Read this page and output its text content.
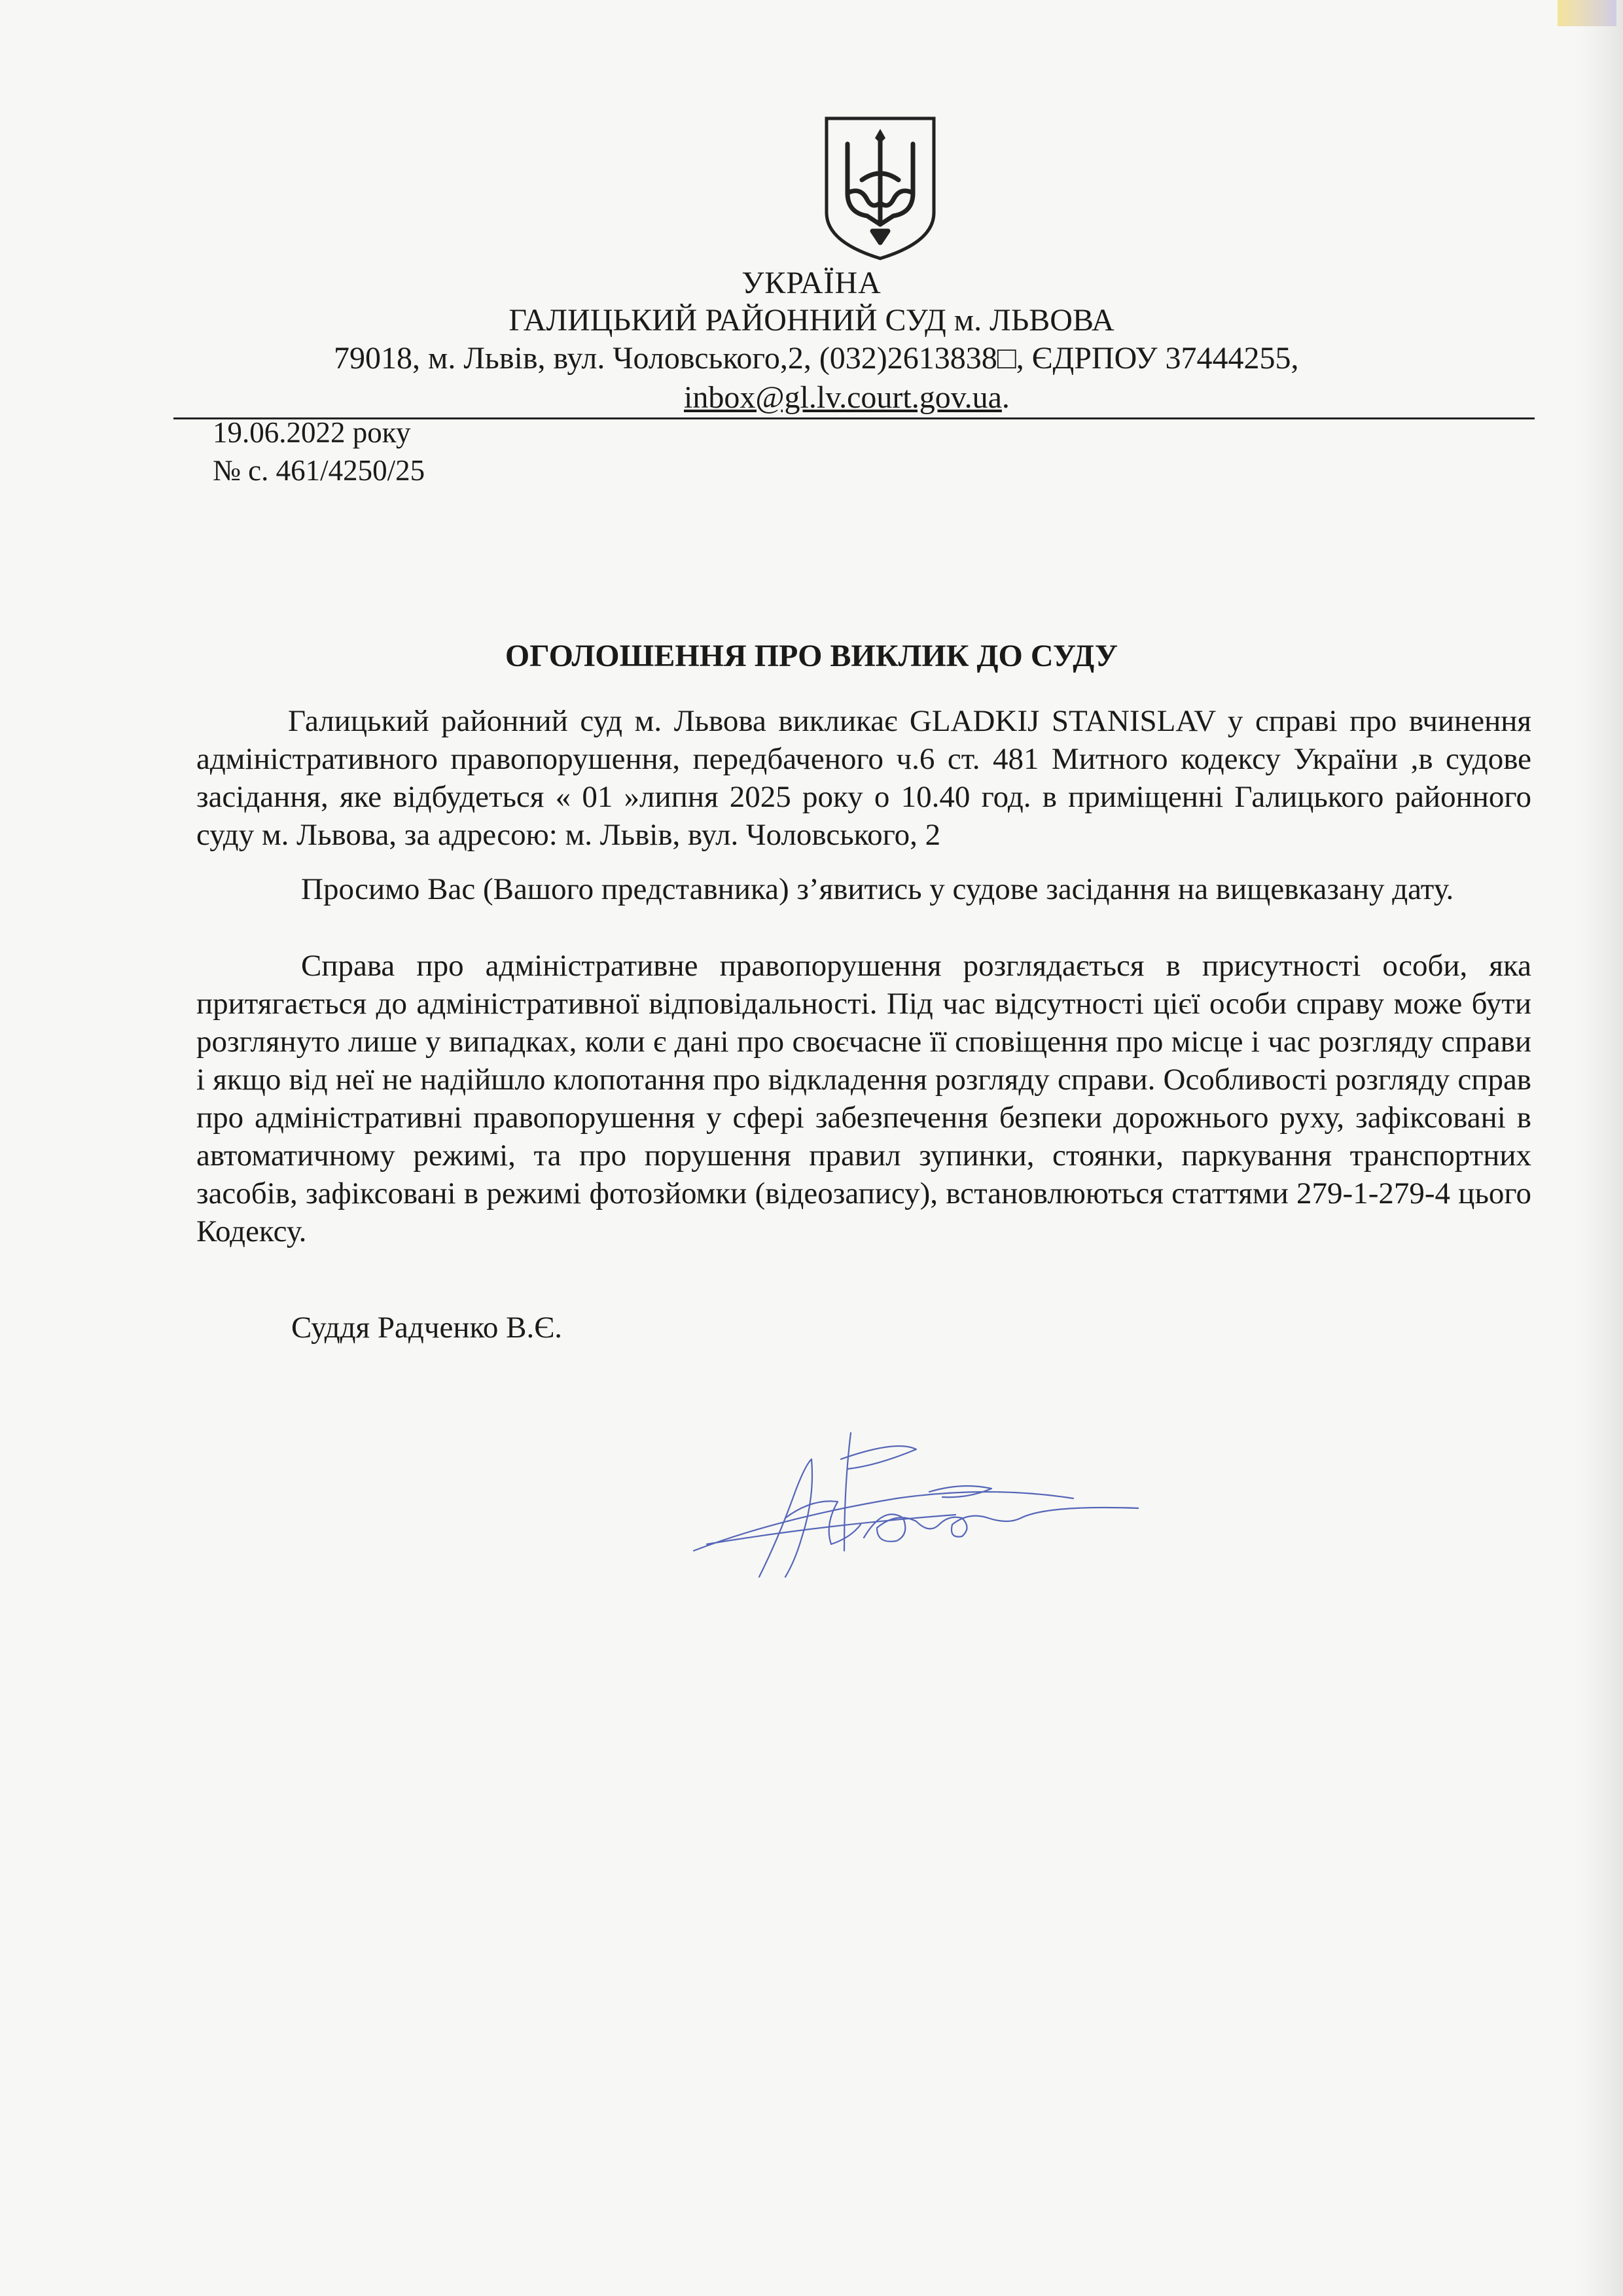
УКРАЇНА
ГАЛИЦЬКИЙ РАЙОННИЙ СУД м. ЛЬВОВА
79018, м. Львів, вул. Чоловського,2, (032)2613838□, ЄДРПОУ 37444255,
inbox@gl.lv.court.gov.ua.
19.06.2022 року
№ с. 461/4250/25
ОГОЛОШЕННЯ ПРО ВИКЛИК ДО СУДУ

Галицький районний суд м. Львова викликає GLADKIJ STANISLAV у справі про вчинення адміністративного правопорушення, передбаченого ч.6 ст. 481 Митного кодексу України ,в судове засідання, яке відбудеться « 01 »липня 2025 року о 10.40 год. в приміщенні Галицького районного суду м. Львова, за адресою: м. Львів, вул. Чоловського, 2

Просимо Вас (Вашого представника) з’явитись у судове засідання на вищевказану дату.

Справа про адміністративне правопорушення розглядається в присутності особи, яка притягається до адміністративної відповідальності. Під час відсутності цієї особи справу може бути розглянуто лише у випадках, коли є дані про своєчасне її сповіщення про місце і час розгляду справи і якщо від неї не надійшло клопотання про відкладення розгляду справи. Особливості розгляду справ про адміністративні правопорушення у сфері забезпечення безпеки дорожнього руху, зафіксовані в автоматичному режимі, та про порушення правил зупинки, стоянки, паркування транспортних засобів, зафіксовані в режимі фотозйомки (відеозапису), встановлюються статтями 279-1-279-4 цього Кодексу.

Суддя Радченко В.Є.
